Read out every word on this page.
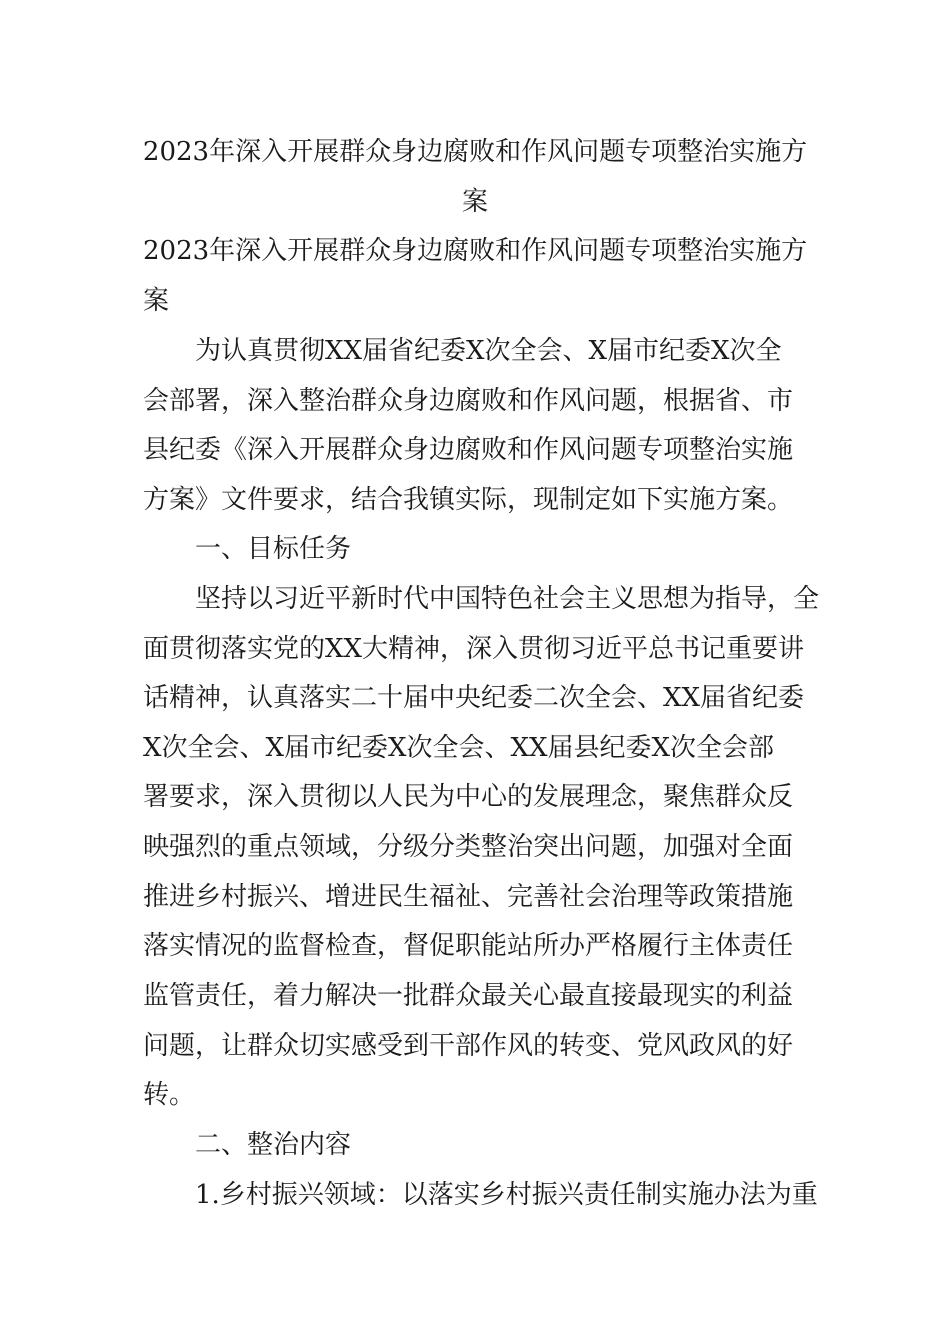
2023年深入开展群众身边腐败和作风问题专项整治实施方
案
2023年深入开展群众身边腐败和作风问题专项整治实施方
案
　　为认真贯彻XX届省纪委X次全会、X届市纪委X次全
会部署，深入整治群众身边腐败和作风问题，根据省、市
县纪委《深入开展群众身边腐败和作风问题专项整治实施
方案》文件要求，结合我镇实际，现制定如下实施方案。
　　一、目标任务
　　坚持以习近平新时代中国特色社会主义思想为指导，全
面贯彻落实党的XX大精神，深入贯彻习近平总书记重要讲
话精神，认真落实二十届中央纪委二次全会、XX届省纪委
X次全会、X届市纪委X次全会、XX届县纪委X次全会部
署要求，深入贯彻以人民为中心的发展理念，聚焦群众反
映强烈的重点领域，分级分类整治突出问题，加强对全面
推进乡村振兴、增进民生福祉、完善社会治理等政策措施
落实情况的监督检查，督促职能站所办严格履行主体责任
监管责任，着力解决一批群众最关心最直接最现实的利益
问题，让群众切实感受到干部作风的转变、党风政风的好
转。
　　二、整治内容
　　1.乡村振兴领域：以落实乡村振兴责任制实施办法为重
